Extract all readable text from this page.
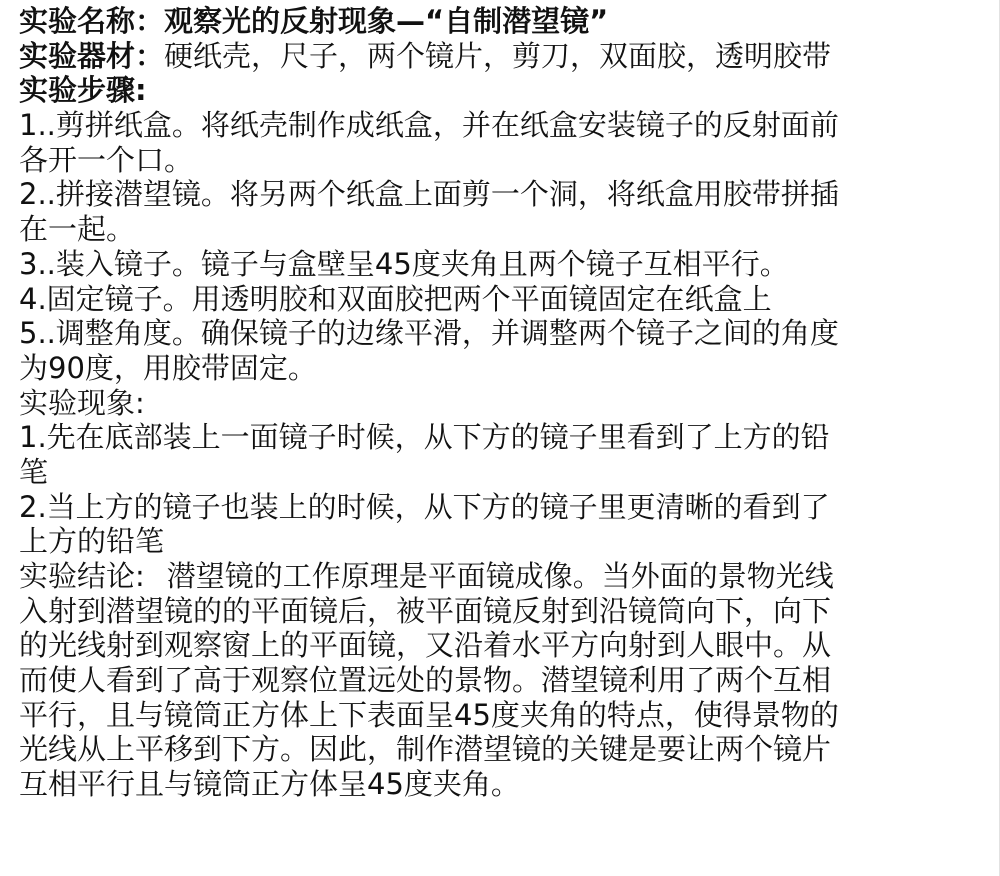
实验名称：观察光的反射现象—“自制潜望镜”
实验器材：硬纸壳，尺子，两个镜片，剪刀，双面胶，透明胶带
实验步骤:
1..剪拼纸盒。将纸壳制作成纸盒，并在纸盒安装镜子的反射面前
各开一个口。
2..拼接潜望镜。将另两个纸盒上面剪一个洞，将纸盒用胶带拼插
在一起。
3..装入镜子。镜子与盒壁呈45度夹角且两个镜子互相平行。
4.固定镜子。用透明胶和双面胶把两个平面镜固定在纸盒上
5..调整角度。确保镜子的边缘平滑，并调整两个镜子之间的角度
为90度，用胶带固定。
实验现象:
1.先在底部装上一面镜子时候，从下方的镜子里看到了上方的铅
笔
2.当上方的镜子也装上的时候，从下方的镜子里更清晰的看到了
上方的铅笔
实验结论: 潜望镜的工作原理是平面镜成像。当外面的景物光线
入射到潜望镜的的平面镜后，被平面镜反射到沿镜筒向下，向下
的光线射到观察窗上的平面镜，又沿着水平方向射到人眼中。从
而使人看到了高于观察位置远处的景物。潜望镜利用了两个互相
平行，且与镜筒正方体上下表面呈45度夹角的特点，使得景物的
光线从上平移到下方。因此，制作潜望镜的关键是要让两个镜片
互相平行且与镜筒正方体呈45度夹角。
